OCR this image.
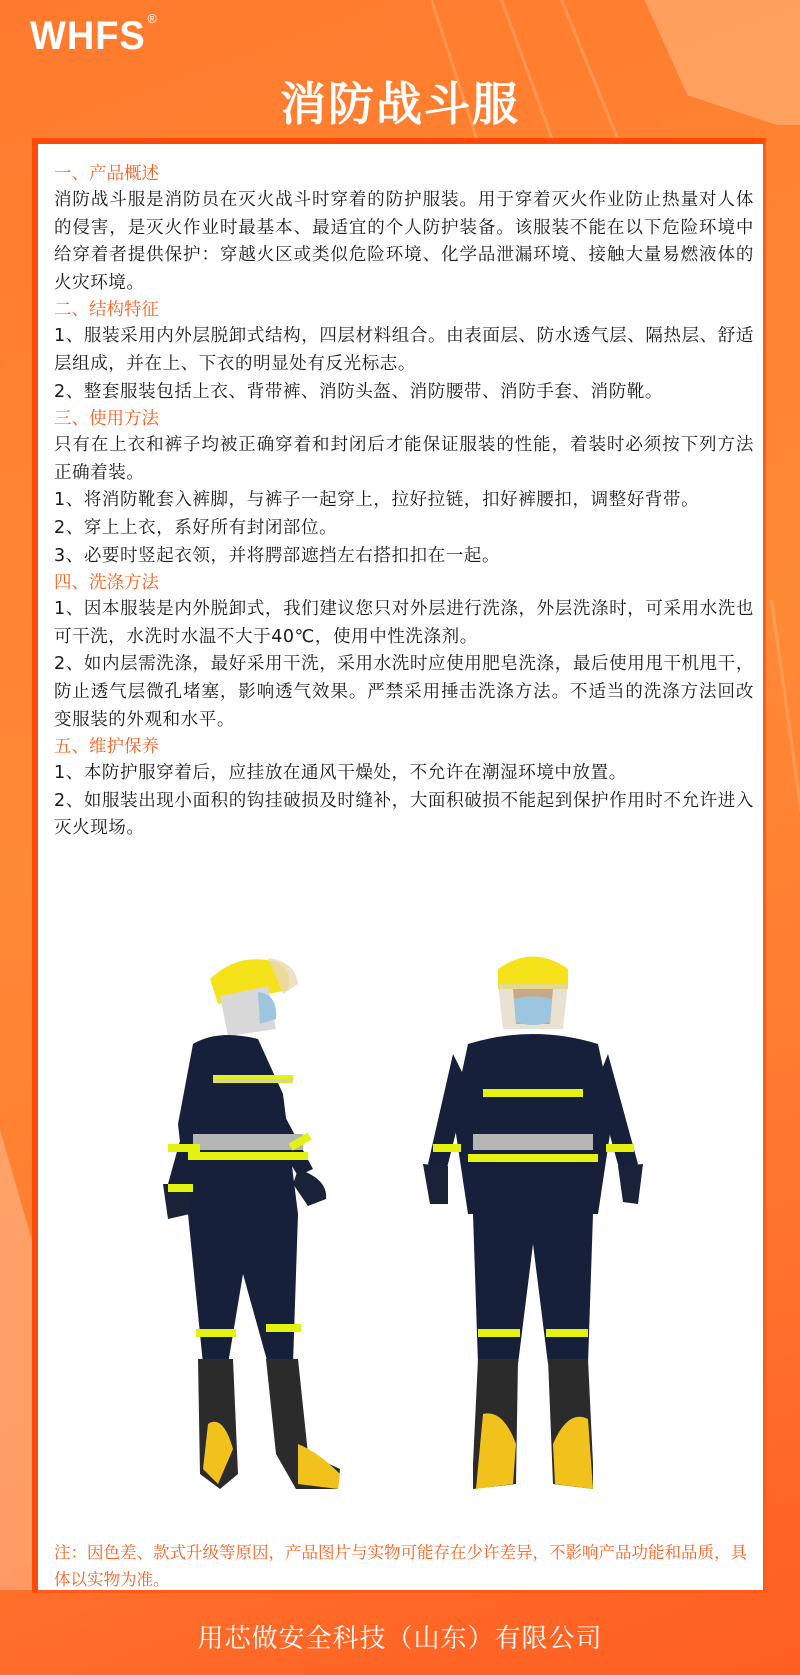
WHFS ®
消防战斗服
一、产品概述

消防战斗服是消防员在灭火战斗时穿着的防护服装。用于穿着灭火作业防止热量对人体的侵害，是灭火作业时最基本、最适宜的个人防护装备。该服装不能在以下危险环境中给穿着者提供保护：穿越火区或类似危险环境、化学品泄漏环境、接触大量易燃液体的火灾环境。

二、结构特征

1、服装采用内外层脱卸式结构，四层材料组合。由表面层、防水透气层、隔热层、舒适层组成，并在上、下衣的明显处有反光标志。

2、整套服装包括上衣、背带裤、消防头盔、消防腰带、消防手套、消防靴。

三、使用方法

只有在上衣和裤子均被正确穿着和封闭后才能保证服装的性能，着装时必须按下列方法正确着装。

1、将消防靴套入裤脚，与裤子一起穿上，拉好拉链，扣好裤腰扣，调整好背带。

2、穿上上衣，系好所有封闭部位。

3、必要时竖起衣领，并将腭部遮挡左右搭扣扣在一起。

四、洗涤方法

1、因本服装是内外脱卸式，我们建议您只对外层进行洗涤，外层洗涤时，可采用水洗也可干洗，水洗时水温不大于40℃，使用中性洗涤剂。

2、如内层需洗涤，最好采用干洗，采用水洗时应使用肥皂洗涤，最后使用甩干机甩干，防止透气层微孔堵塞，影响透气效果。严禁采用捶击洗涤方法。不适当的洗涤方法回改变服装的外观和水平。

五、维护保养

1、本防护服穿着后，应挂放在通风干燥处，不允许在潮湿环境中放置。

2、如服装出现小面积的钩挂破损及时缝补，大面积破损不能起到保护作用时不允许进入灭火现场。

注：因色差、款式升级等原因，产品图片与实物可能存在少许差异，不影响产品功能和品质，具体以实物为准。
用芯做安全科技（山东）有限公司
